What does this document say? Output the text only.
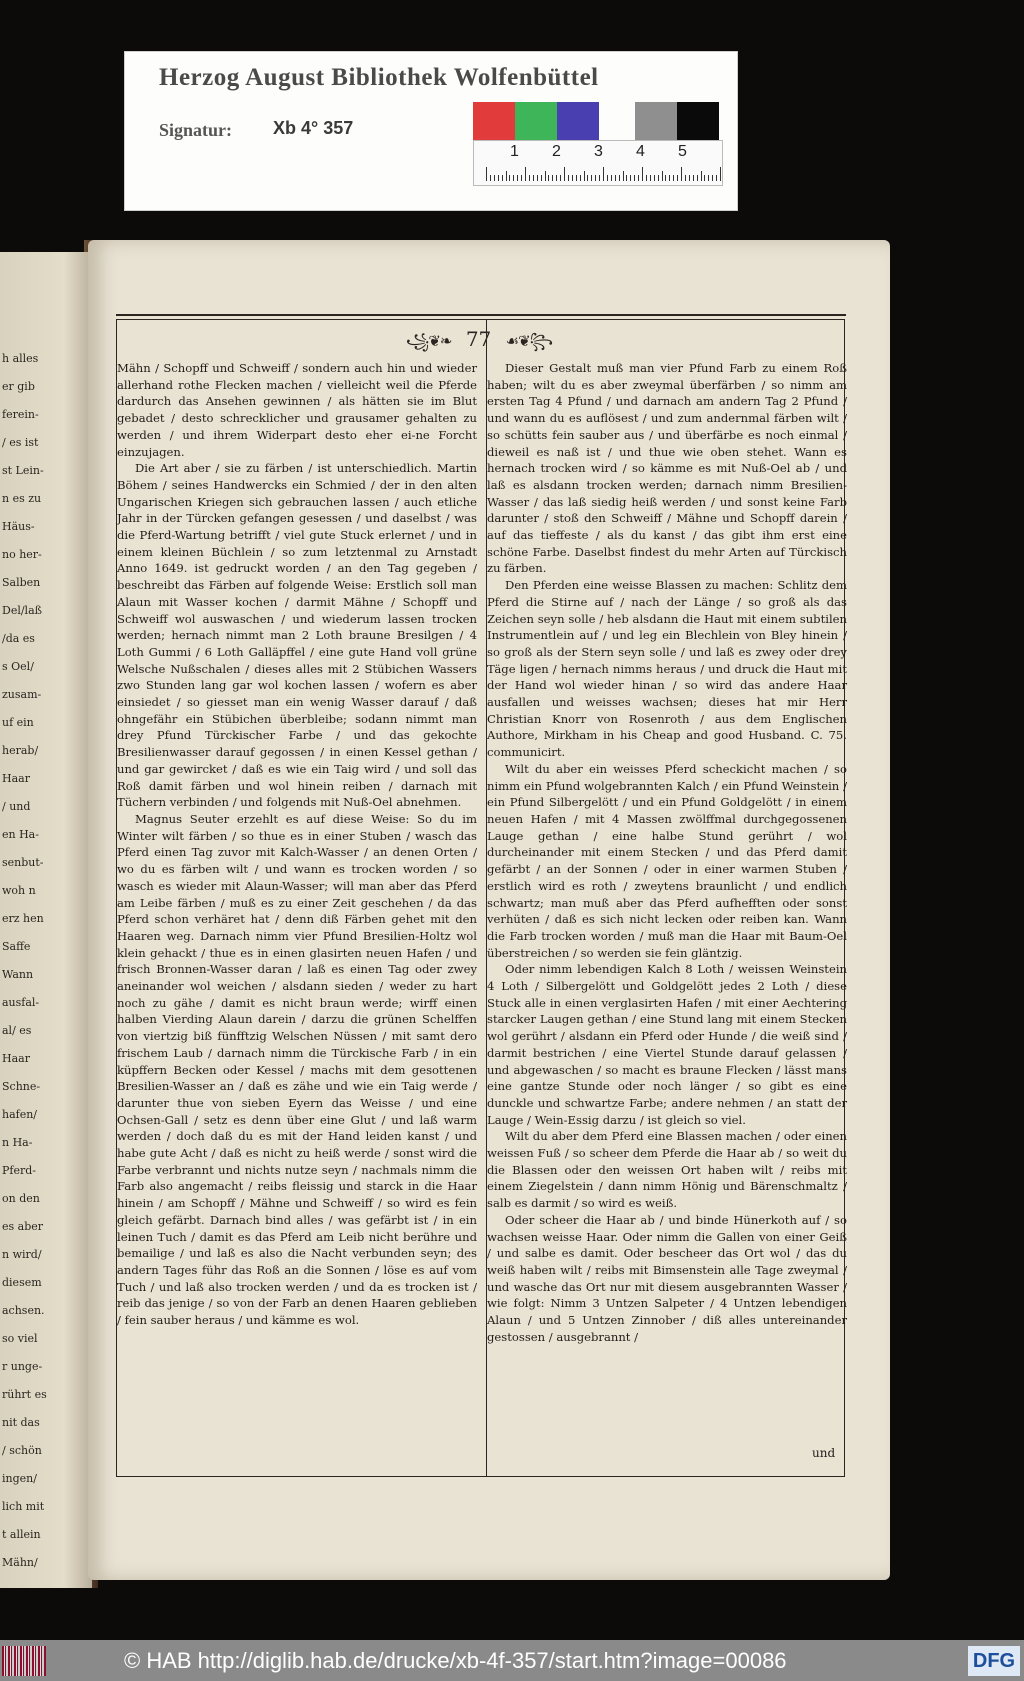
h alles
er gib
ferein-
/ es ist
st Lein-
n es zu
Häus-
no her-
Salben
Del/laß
/da es
s Oel/
zusam-
uf ein
herab/
Haar
/ und
en Ha-
senbut-
woh n
erz hen
Saffe
Wann
ausfal-
al/ es
Haar
Schne-
hafen/
n Ha-
Pferd-
on den
es aber
n wird/
diesem
achsen.
so viel
r unge-
rührt es
nit das
/ schön
ingen/
lich mit
t allein
Mähn/
꧁❦❧ 77 ☙❦꧂

Mähn / Schopff und Schweiff / sondern auch hin und wieder allerhand rothe Flecken machen / vielleicht weil die Pferde dardurch das Ansehen gewinnen / als hätten sie im Blut gebadet / desto schrecklicher und grausamer gehalten zu werden / und ihrem Widerpart desto eher ei-ne Forcht einzujagen.

Die Art aber / sie zu färben / ist unterschiedlich. Martin Böhem / seines Handwercks ein Schmied / der in den alten Ungarischen Kriegen sich gebrauchen lassen / auch etliche Jahr in der Türcken gefangen gesessen / und daselbst / was die Pferd-Wartung betrifft / viel gute Stuck erlernet / und in einem kleinen Büchlein / so zum letztenmal zu Arnstadt Anno 1649. ist gedruckt worden / an den Tag gegeben / beschreibt das Färben auf folgende Weise: Erstlich soll man Alaun mit Wasser kochen / darmit Mähne / Schopff und Schweiff wol auswaschen / und wiederum lassen trocken werden; hernach nimmt man 2 Loth braune Bresilgen / 4 Loth Gummi / 6 Loth Galläpffel / eine gute Hand voll grüne Welsche Nußschalen / dieses alles mit 2 Stübichen Wassers zwo Stunden lang gar wol kochen lassen / wofern es aber einsiedet / so giesset man ein wenig Wasser darauf / daß ohngefähr ein Stübichen überbleibe; sodann nimmt man drey Pfund Türckischer Farbe / und das gekochte Bresilienwasser darauf gegossen / in einen Kessel gethan / und gar gewircket / daß es wie ein Taig wird / und soll das Roß damit färben und wol hinein reiben / darnach mit Tüchern verbinden / und folgends mit Nuß-Oel abnehmen.

Magnus Seuter erzehlt es auf diese Weise: So du im Winter wilt färben / so thue es in einer Stuben / wasch das Pferd einen Tag zuvor mit Kalch-Wasser / an denen Orten / wo du es färben wilt / und wann es trocken worden / so wasch es wieder mit Alaun-Wasser; will man aber das Pferd am Leibe färben / muß es zu einer Zeit geschehen / da das Pferd schon verhäret hat / denn diß Färben gehet mit den Haaren weg. Darnach nimm vier Pfund Bresilien-Holtz wol klein gehackt / thue es in einen glasirten neuen Hafen / und frisch Bronnen-Wasser daran / laß es einen Tag oder zwey aneinander wol weichen / alsdann sieden / weder zu hart noch zu gähe / damit es nicht braun werde; wirff einen halben Vierding Alaun darein / darzu die grünen Schelffen von viertzig biß fünfftzig Welschen Nüssen / mit samt dero frischem Laub / darnach nimm die Türckische Farb / in ein küpffern Becken oder Kessel / machs mit dem gesottenen Bresilien-Wasser an / daß es zähe und wie ein Taig werde / darunter thue von sieben Eyern das Weisse / und eine Ochsen-Gall / setz es denn über eine Glut / und laß warm werden / doch daß du es mit der Hand leiden kanst / und habe gute Acht / daß es nicht zu heiß werde / sonst wird die Farbe verbrannt und nichts nutze seyn / nachmals nimm die Farb also angemacht / reibs fleissig und starck in die Haar hinein / am Schopff / Mähne und Schweiff / so wird es fein gleich gefärbt. Darnach bind alles / was gefärbt ist / in ein leinen Tuch / damit es das Pferd am Leib nicht berühre und bemailige / und laß es also die Nacht verbunden seyn; des andern Tages führ das Roß an die Sonnen / löse es auf vom Tuch / und laß also trocken werden / und da es trocken ist / reib das jenige / so von der Farb an denen Haaren geblieben / fein sauber heraus / und kämme es wol.

Dieser Gestalt muß man vier Pfund Farb zu einem Roß haben; wilt du es aber zweymal überfärben / so nimm am ersten Tag 4 Pfund / und darnach am andern Tag 2 Pfund / und wann du es auflösest / und zum andernmal färben wilt / so schütts fein sauber aus / und überfärbe es noch einmal / dieweil es naß ist / und thue wie oben stehet. Wann es hernach trocken wird / so kämme es mit Nuß-Oel ab / und laß es alsdann trocken werden; darnach nimm Bresilien-Wasser / das laß siedig heiß werden / und sonst keine Farb darunter / stoß den Schweiff / Mähne und Schopff darein / auf das tieffeste / als du kanst / das gibt ihm erst eine schöne Farbe. Daselbst findest du mehr Arten auf Türckisch zu färben.

Den Pferden eine weisse Blassen zu machen: Schlitz dem Pferd die Stirne auf / nach der Länge / so groß als das Zeichen seyn solle / heb alsdann die Haut mit einem subtilen Instrumentlein auf / und leg ein Blechlein von Bley hinein / so groß als der Stern seyn solle / und laß es zwey oder drey Täge ligen / hernach nimms heraus / und druck die Haut mit der Hand wol wieder hinan / so wird das andere Haar ausfallen und weisses wachsen; dieses hat mir Herr Christian Knorr von Rosenroth / aus dem Englischen Authore, Mirkham in his Cheap and good Husband. C. 75. communicirt.

Wilt du aber ein weisses Pferd scheckicht machen / so nimm ein Pfund wolgebrannten Kalch / ein Pfund Weinstein / ein Pfund Silbergelött / und ein Pfund Goldgelött / in einem neuen Hafen / mit 4 Massen zwölffmal durchgegossenen Lauge gethan / eine halbe Stund gerührt / wol durcheinander mit einem Stecken / und das Pferd damit gefärbt / an der Sonnen / oder in einer warmen Stuben / erstlich wird es roth / zweytens braunlicht / und endlich schwartz; man muß aber das Pferd aufhefften oder sonst verhüten / daß es sich nicht lecken oder reiben kan. Wann die Farb trocken worden / muß man die Haar mit Baum-Oel überstreichen / so werden sie fein gläntzig.

Oder nimm lebendigen Kalch 8 Loth / weissen Weinstein 4 Loth / Silbergelött und Goldgelött jedes 2 Loth / diese Stuck alle in einen verglasirten Hafen / mit einer Aechtering starcker Laugen gethan / eine Stund lang mit einem Stecken wol gerührt / alsdann ein Pferd oder Hunde / die weiß sind / darmit bestrichen / eine Viertel Stunde darauf gelassen / und abgewaschen / so macht es braune Flecken / lässt mans eine gantze Stunde oder noch länger / so gibt es eine dunckle und schwartze Farbe; andere nehmen / an statt der Lauge / Wein-Essig darzu / ist gleich so viel.

Wilt du aber dem Pferd eine Blassen machen / oder einen weissen Fuß / so scheer dem Pferde die Haar ab / so weit du die Blassen oder den weissen Ort haben wilt / reibs mit einem Ziegelstein / dann nimm Hönig und Bärenschmaltz / salb es darmit / so wird es weiß.

Oder scheer die Haar ab / und binde Hünerkoth auf / so wachsen weisse Haar. Oder nimm die Gallen von einer Geiß / und salbe es damit. Oder bescheer das Ort wol / das du weiß haben wilt / reibs mit Bimsenstein alle Tage zweymal / und wasche das Ort nur mit diesem ausgebrannten Wasser / wie folgt: Nimm 3 Untzen Salpeter / 4 Untzen lebendigen Alaun / und 5 Untzen Zinnober / diß alles untereinander gestossen / ausgebrannt /

und
Herzog August Bibliothek Wolfenbüttel
Signatur: Xb 4° 357
1 2 3 4 5
© HAB http://diglib.hab.de/drucke/xb-4f-357/start.htm?image=00086	DFG
